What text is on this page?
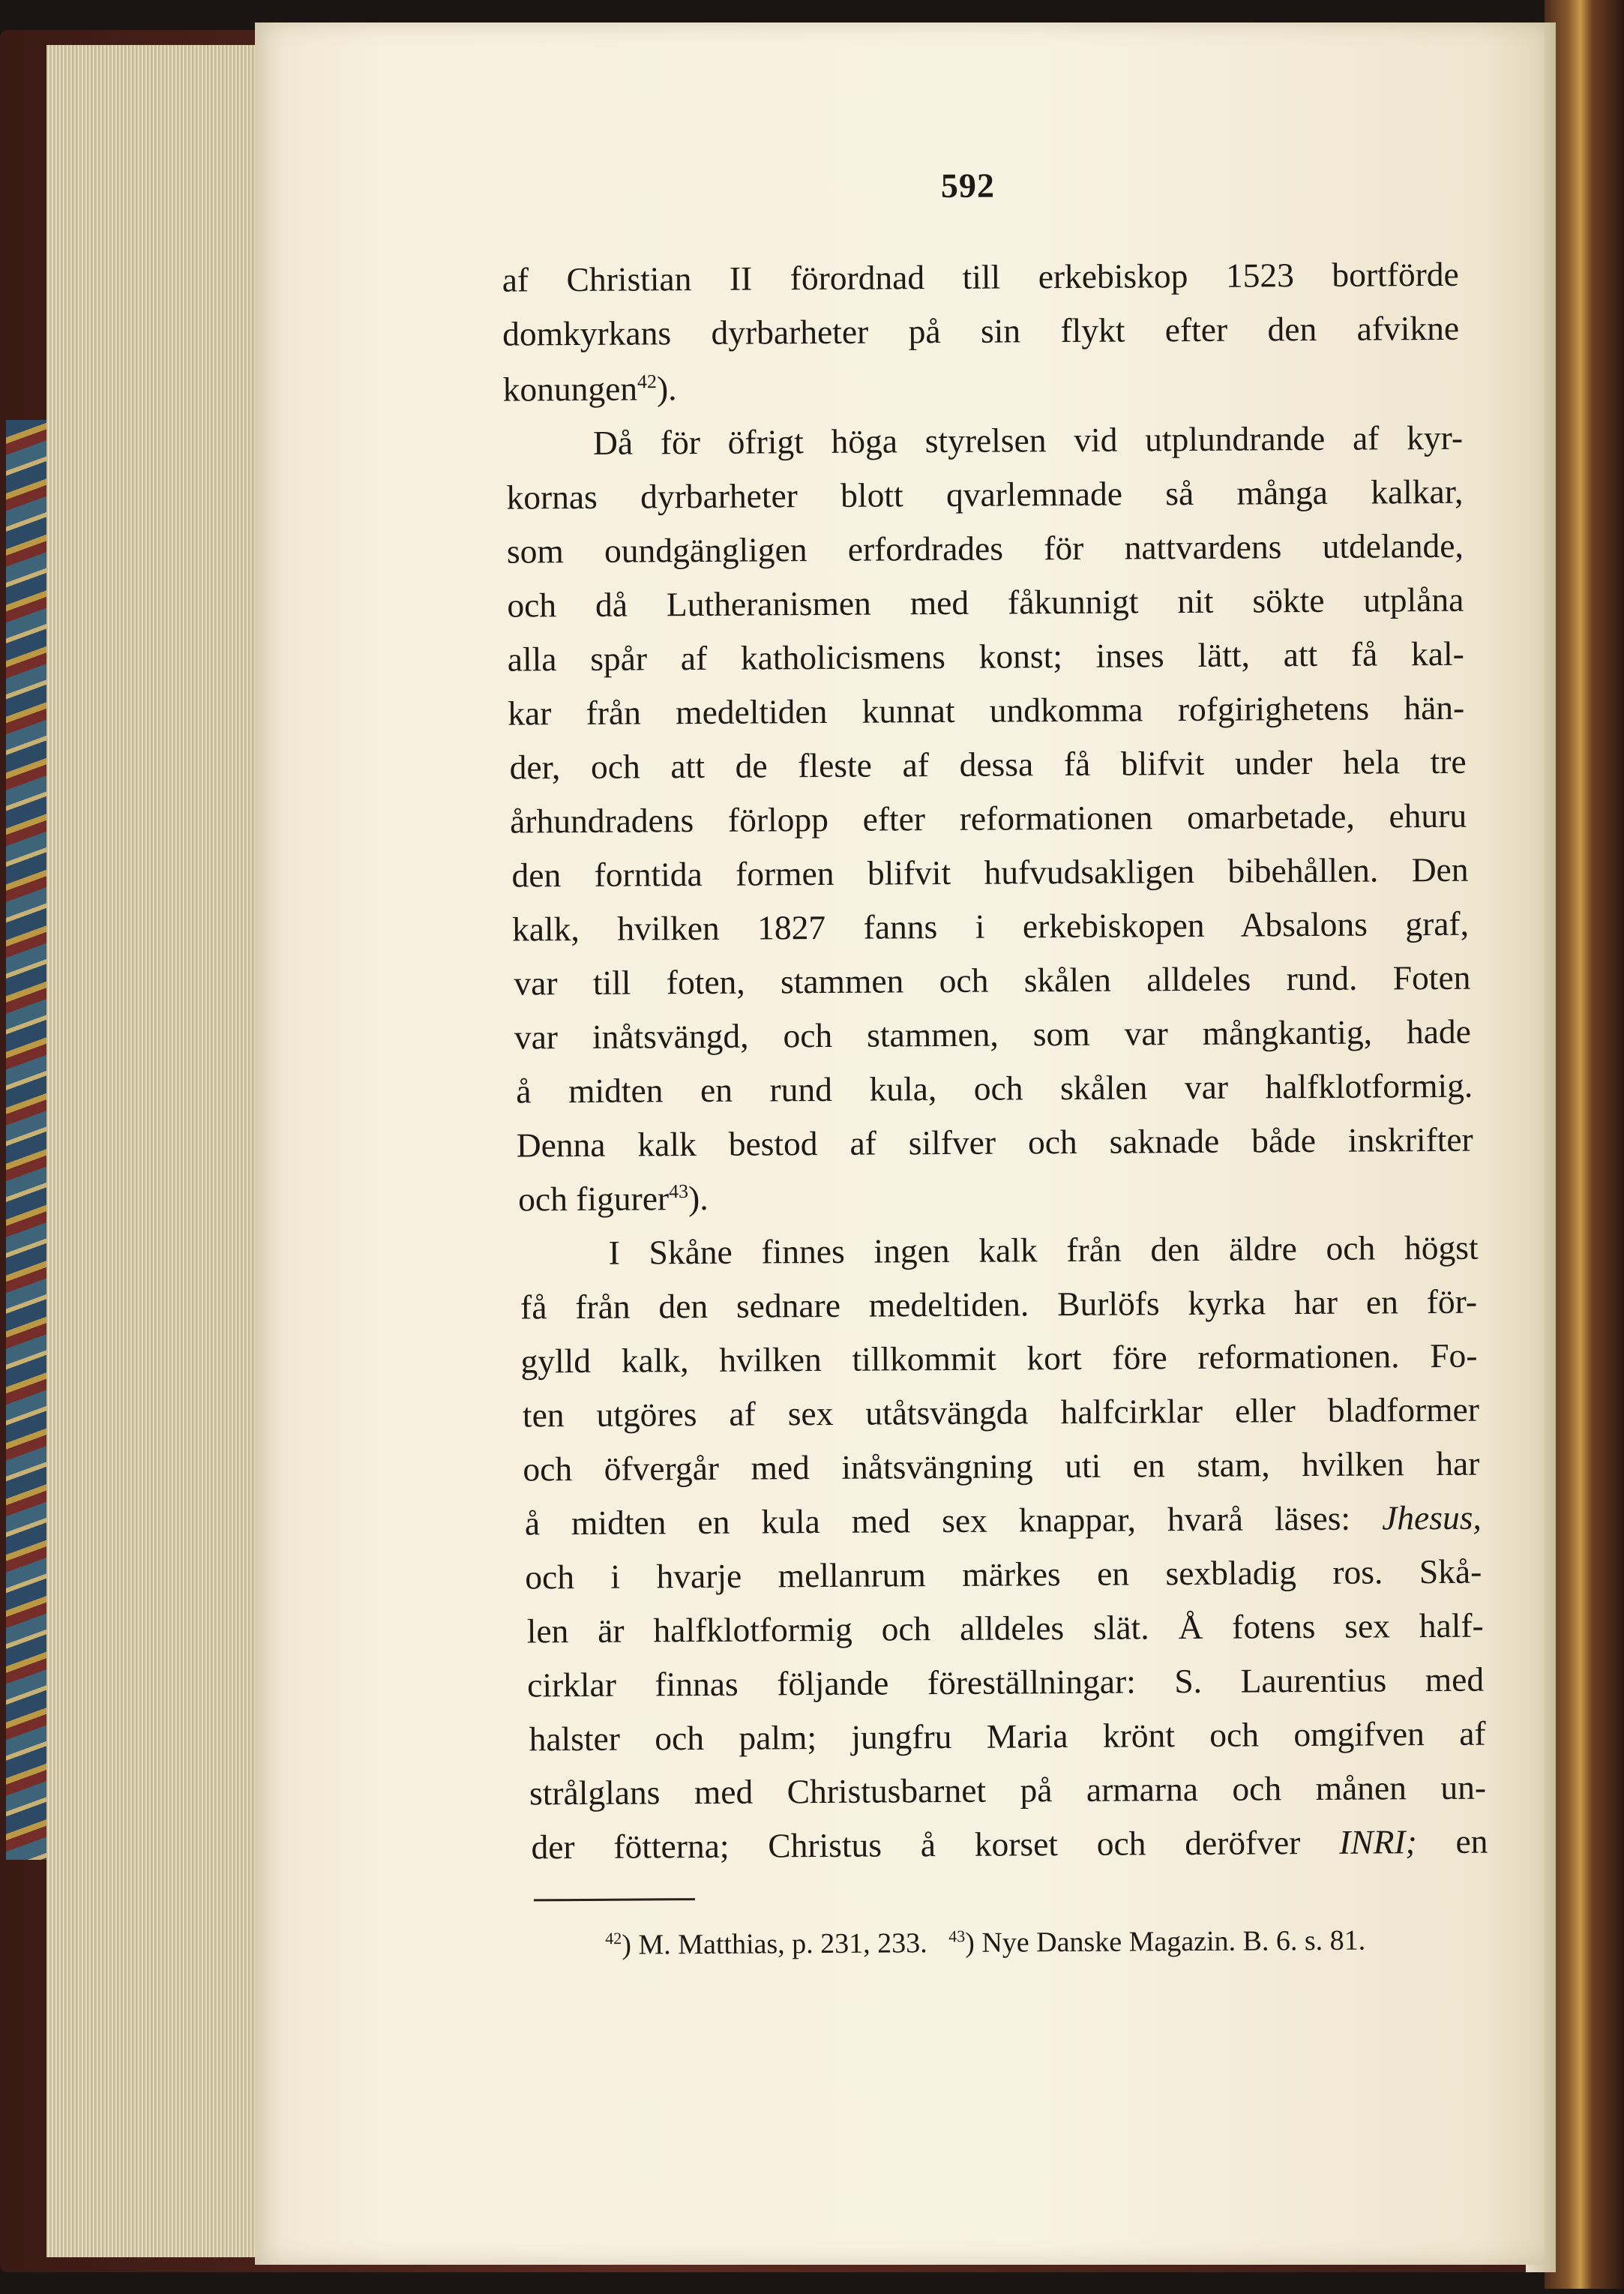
592
af Christian II förordnad till erkebiskop 1523 bortförde
domkyrkans dyrbarheter på sin flykt efter den afvikne
konungen$^{42}$).
Då för öfrigt höga styrelsen vid utplundrande af kyr-
kornas dyrbarheter blott qvarlemnade så många kalkar,
som oundgängligen erfordrades för nattvardens utdelande,
och då Lutheranismen med fåkunnigt nit sökte utplåna
alla spår af katholicismens konst; inses lätt, att få kal-
kar från medeltiden kunnat undkomma rofgirighetens hän-
der, och att de fleste af dessa få blifvit under hela tre
århundradens förlopp efter reformationen omarbetade, ehuru
den forntida formen blifvit hufvudsakligen bibehållen. Den
kalk, hvilken 1827 fanns i erkebiskopen Absalons graf,
var till foten, stammen och skålen alldeles rund. Foten
var inåtsvängd, och stammen, som var mångkantig, hade
å midten en rund kula, och skålen var halfklotformig.
Denna kalk bestod af silfver och saknade både inskrifter
och figurer$^{43}$).
I Skåne finnes ingen kalk från den äldre och högst
få från den sednare medeltiden. Burlöfs kyrka har en för-
gylld kalk, hvilken tillkommit kort före reformationen. Fo-
ten utgöres af sex utåtsvängda halfcirklar eller bladformer
och öfvergår med inåtsvängning uti en stam, hvilken har
å midten en kula med sex knappar, hvarå läses: Jhesus,
och i hvarje mellanrum märkes en sexbladig ros. Skå-
len är halfklotformig och alldeles slät. Å fotens sex half-
cirklar finnas följande föreställningar: S. Laurentius med
halster och palm; jungfru Maria krönt och omgifven af
strålglans med Christusbarnet på armarna och månen un-
der fötterna; Christus å korset och deröfver INRI; en
$^{42}$) M. Matthias, p. 231, 233. $^{43}$) Nye Danske Magazin. B. 6. s. 81.
